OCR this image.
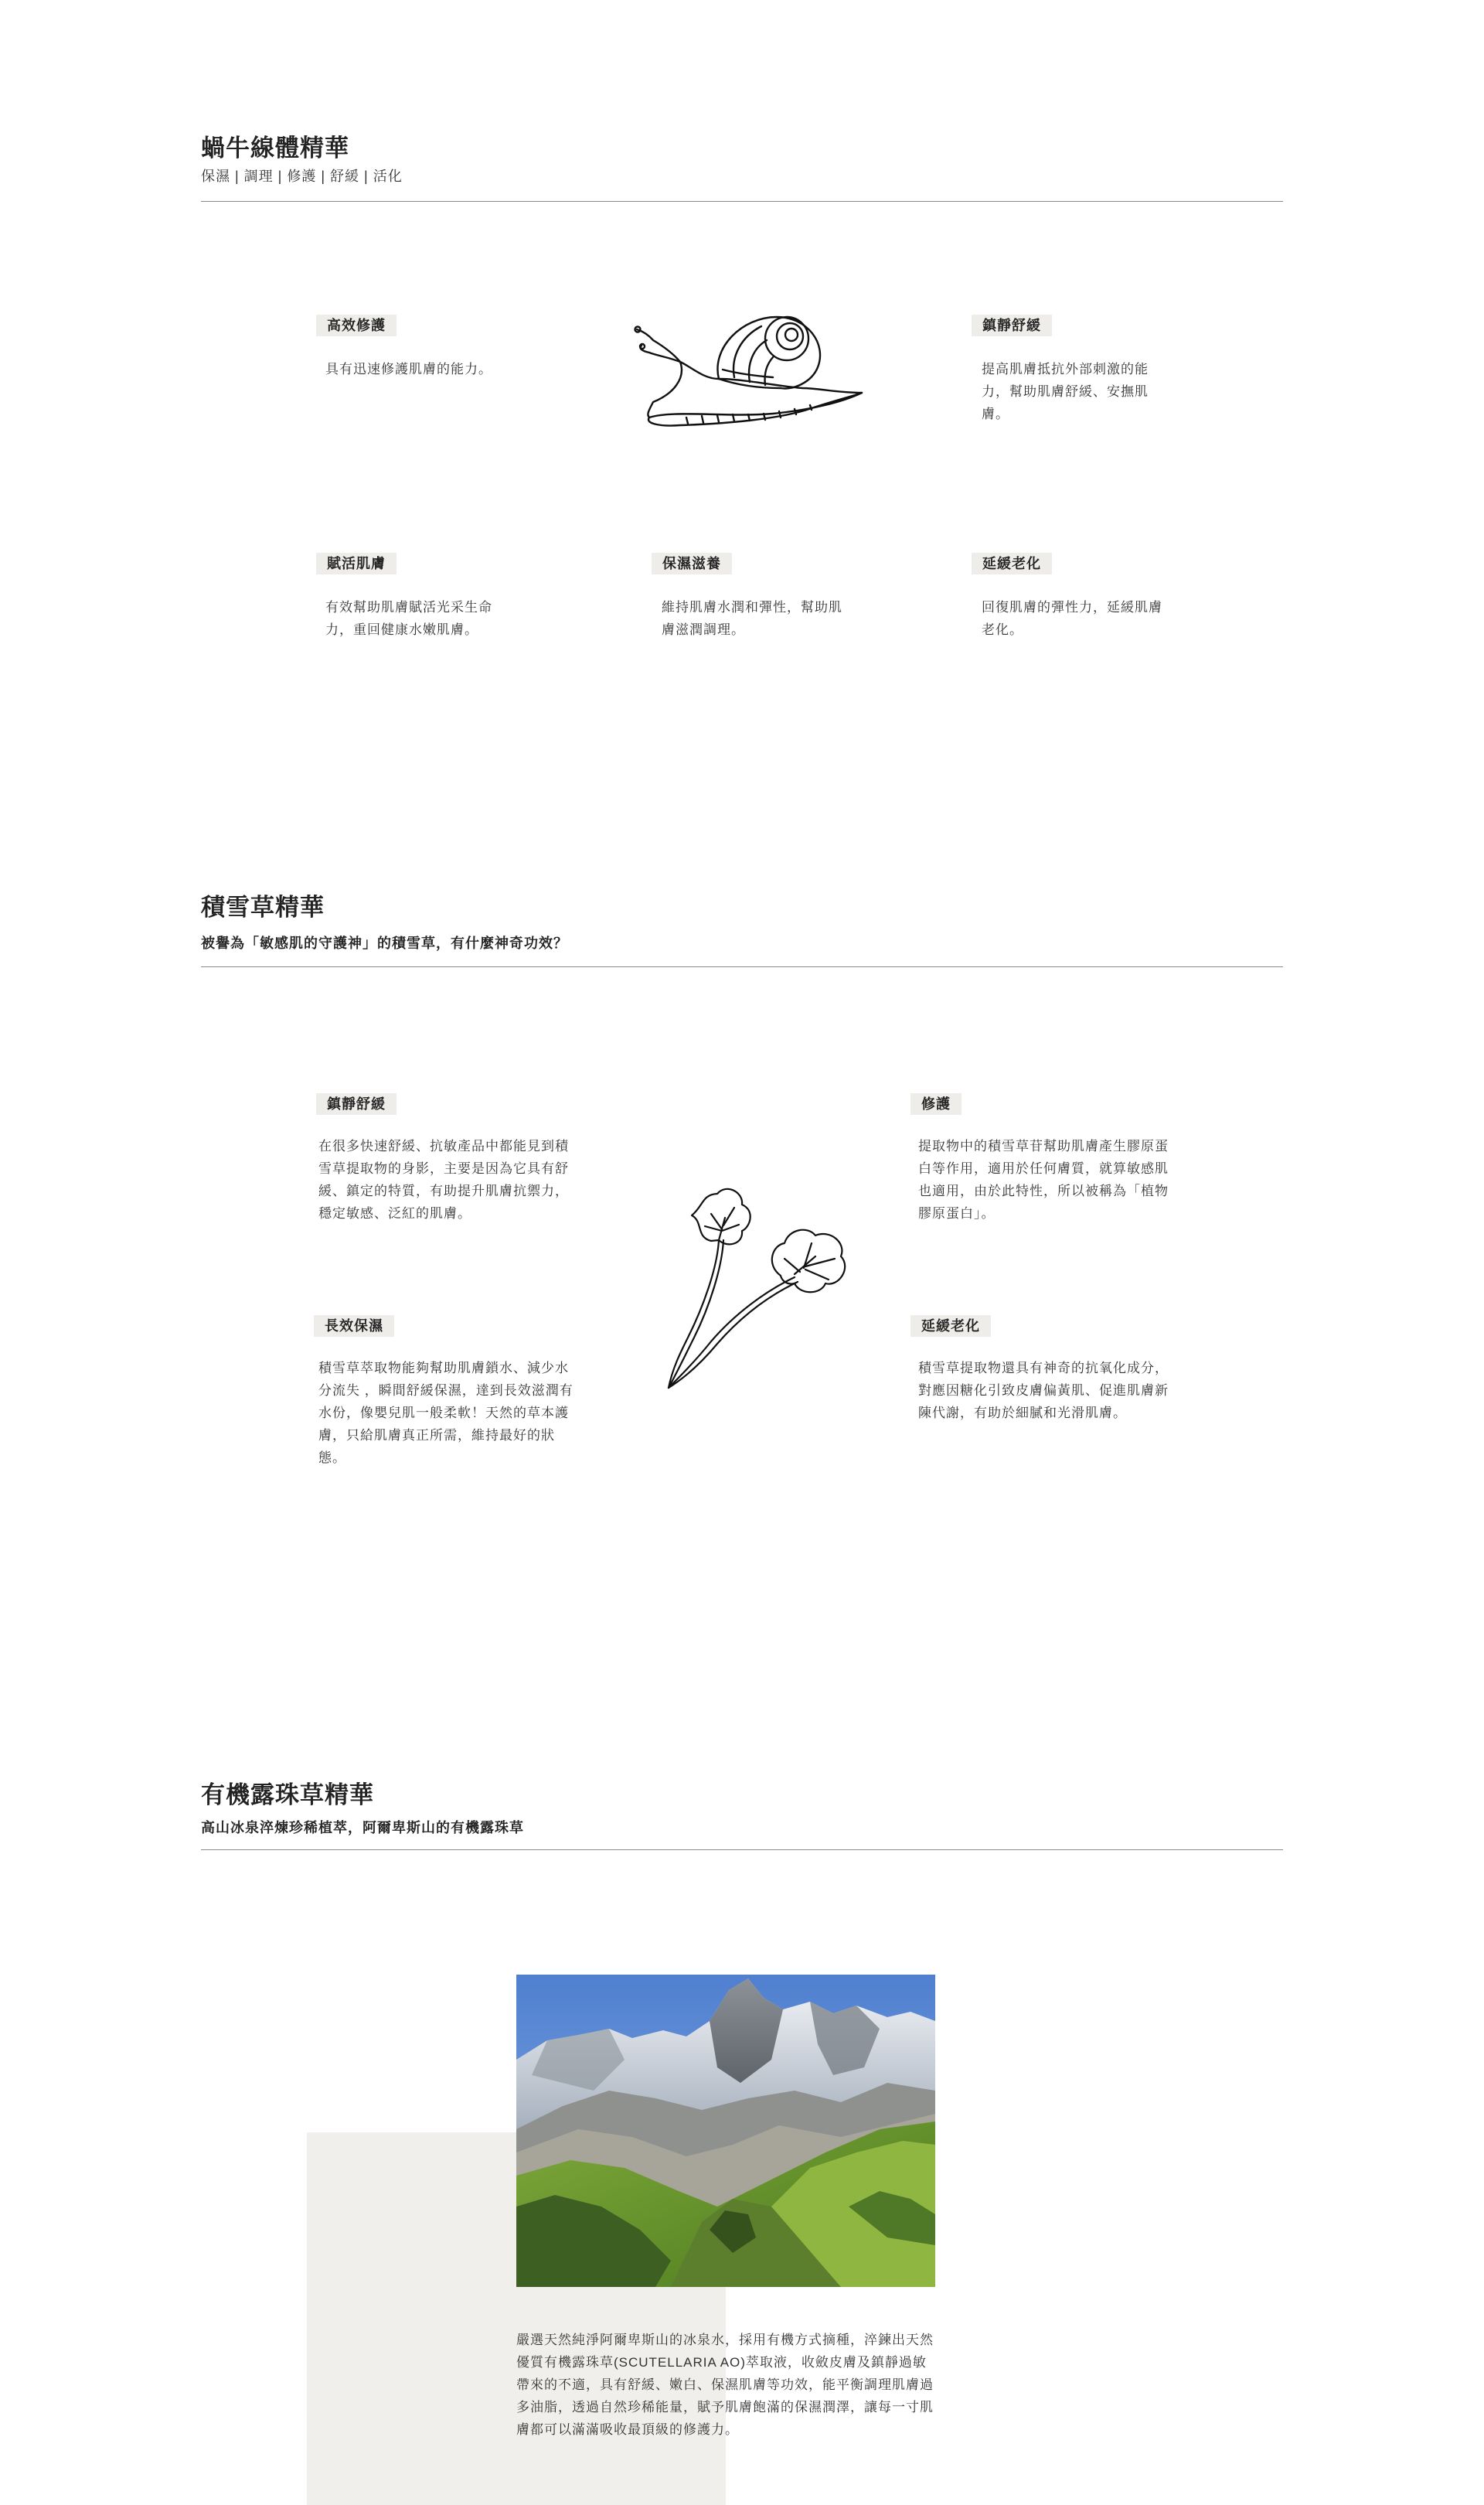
蝸牛線體精華

保濕 | 調理 | 修護 | 舒緩 | 活化

高效修護

具有迅速修護肌膚的能力。

鎮靜舒緩

提高肌膚抵抗外部刺激的能力，幫助肌膚舒緩、安撫肌膚。

賦活肌膚

有效幫助肌膚賦活光采生命力，重回健康水嫩肌膚。

保濕滋養

維持肌膚水潤和彈性，幫助肌膚滋潤調理。

延緩老化

回復肌膚的彈性力，延緩肌膚老化。

積雪草精華

被譽為「敏感肌的守護神」的積雪草，有什麼神奇功效？

鎮靜舒緩

在很多快速舒緩、抗敏產品中都能見到積雪草提取物的身影，主要是因為它具有舒緩、鎮定的特質，有助提升肌膚抗禦力，穩定敏感、泛紅的肌膚。

修護

提取物中的積雪草苷幫助肌膚產生膠原蛋白等作用，適用於任何膚質，就算敏感肌也適用，由於此特性，所以被稱為「植物膠原蛋白」。

長效保濕

積雪草萃取物能夠幫助肌膚鎖水、減少水分流失 ，瞬間舒緩保濕，達到長效滋潤有水份，像嬰兒肌一般柔軟！天然的草本護膚，只給肌膚真正所需，維持最好的狀態。

延緩老化

積雪草提取物還具有神奇的抗氧化成分，對應因糖化引致皮膚偏黃肌、促進肌膚新陳代謝，有助於細膩和光滑肌膚。

有機露珠草精華

高山冰泉淬煉珍稀植萃，阿爾卑斯山的有機露珠草

嚴選天然純淨阿爾卑斯山的冰泉水，採用有機方式摘種，淬鍊出天然優質有機露珠草(SCUTELLARIA AO)萃取液，收斂皮膚及鎮靜過敏帶來的不適，具有舒緩、嫩白、保濕肌膚等功效，能平衡調理肌膚過多油脂，透過自然珍稀能量，賦予肌膚飽滿的保濕潤澤，讓每一寸肌膚都可以滿滿吸收最頂級的修護力。
